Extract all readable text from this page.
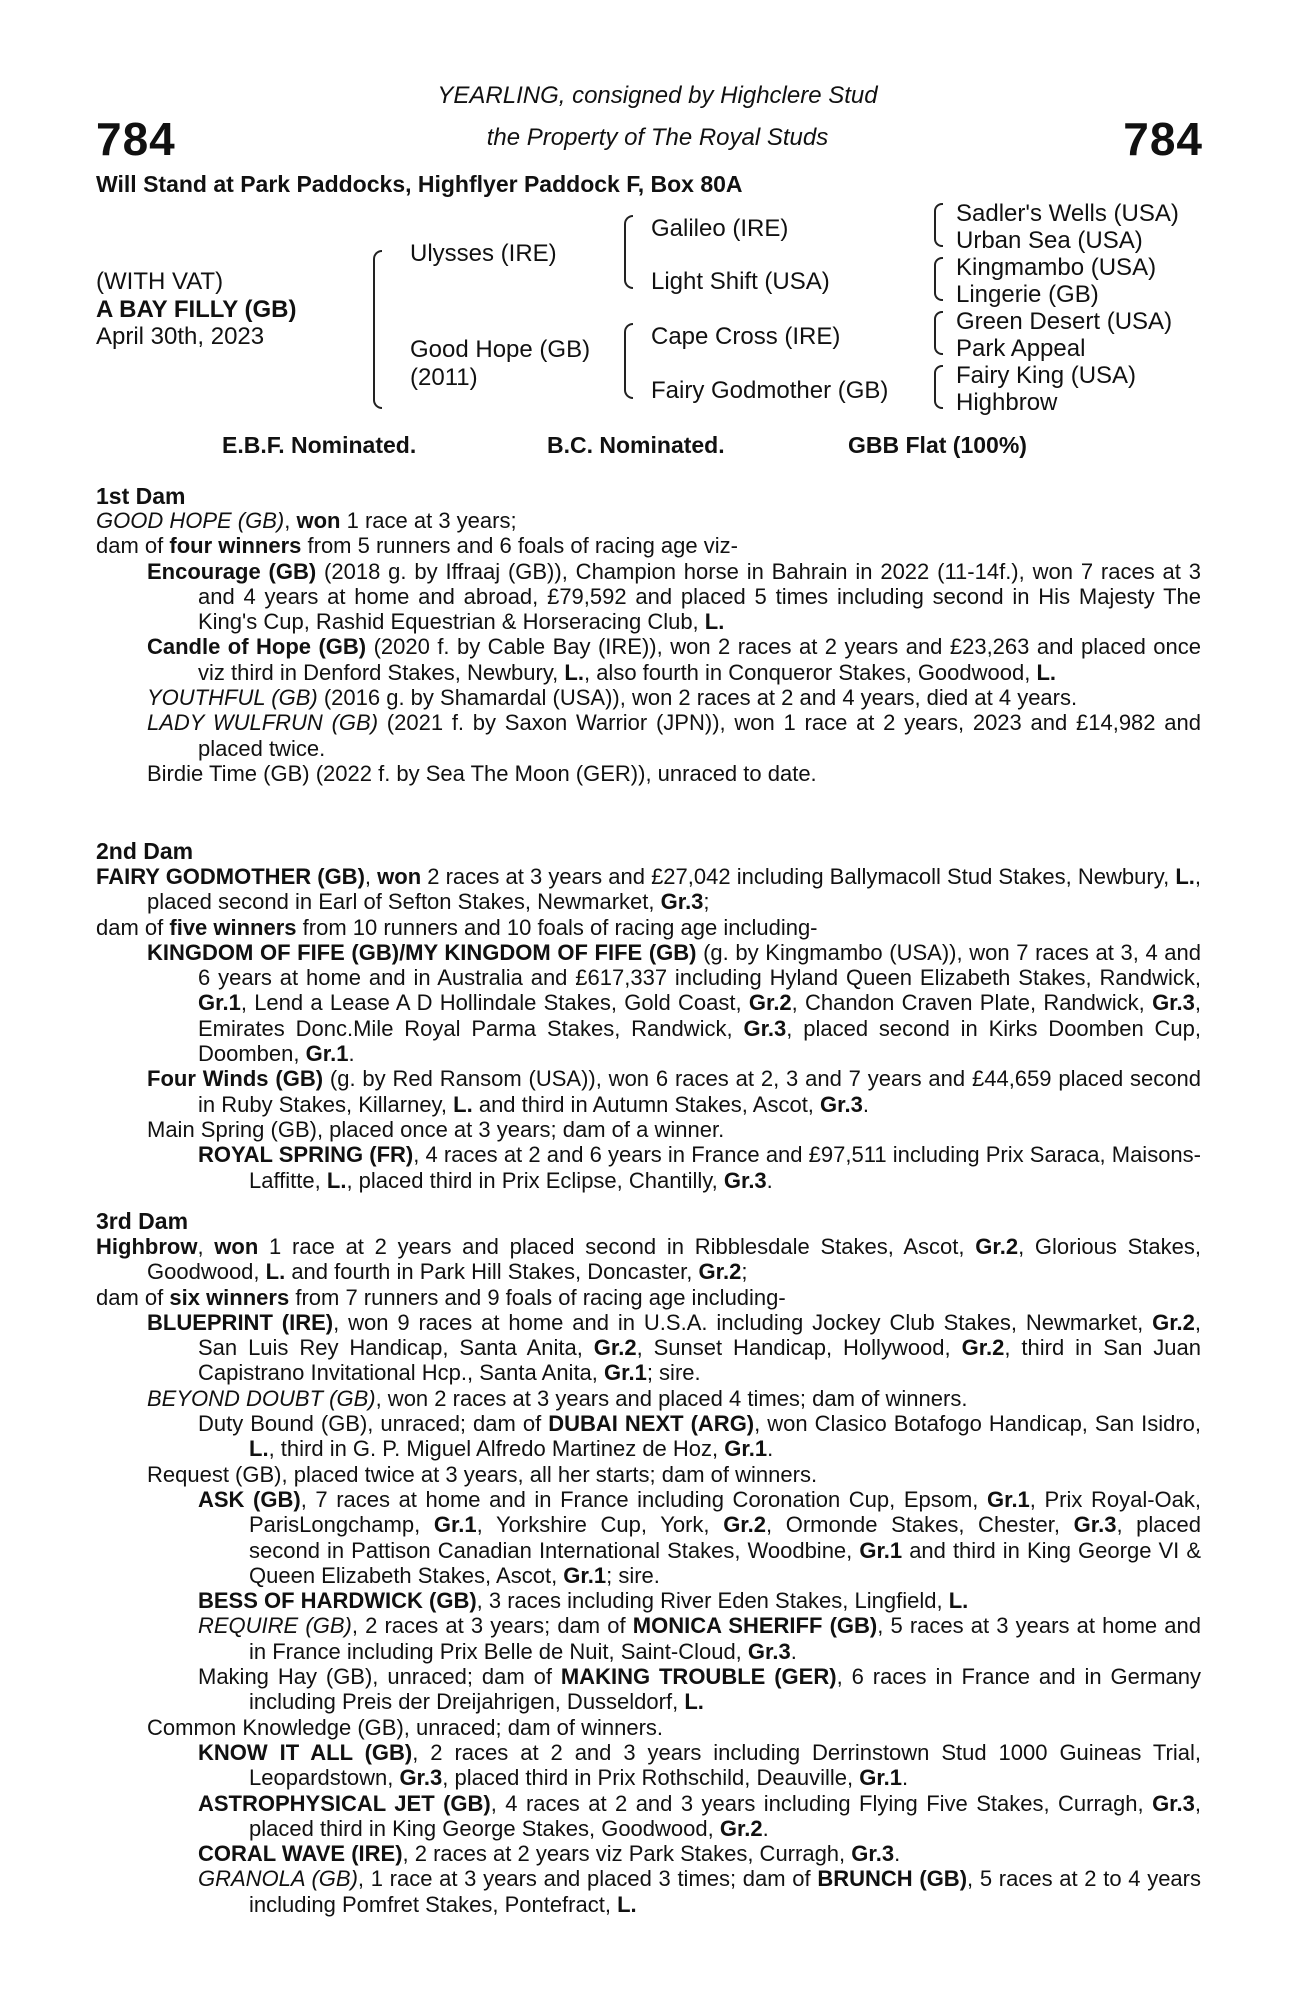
784	784
YEARLING, consigned by Highclere Stud
the Property of The Royal Studs
Will Stand at Park Paddocks, Highflyer Paddock F, Box 80A
(WITH VAT)
A BAY FILLY (GB)
April 30th, 2023
Ulysses (IRE)
Good Hope (GB)
(2011)
Galileo (IRE)
Light Shift (USA)
Cape Cross (IRE)
Fairy Godmother (GB)
Sadler's Wells (USA)
Urban Sea (USA)
Kingmambo (USA)
Lingerie (GB)
Green Desert (USA)
Park Appeal
Fairy King (USA)
Highbrow
E.B.F. Nominated.	B.C. Nominated.	GBB Flat (100%)
1st Dam
GOOD HOPE (GB), won 1 race at 3 years;
dam of four winners from 5 runners and 6 foals of racing age viz-
Encourage (GB) (2018 g. by Iffraaj (GB)), Champion horse in Bahrain in 2022 (11-14f.), won 7 races at 3 and 4 years at home and abroad, £79,592 and placed 5 times including second in His Majesty The King's Cup, Rashid Equestrian & Horseracing Club, L.
Candle of Hope (GB) (2020 f. by Cable Bay (IRE)), won 2 races at 2 years and £23,263 and placed once viz third in Denford Stakes, Newbury, L., also fourth in Conqueror Stakes, Goodwood, L.
YOUTHFUL (GB) (2016 g. by Shamardal (USA)), won 2 races at 2 and 4 years, died at 4 years.
LADY WULFRUN (GB) (2021 f. by Saxon Warrior (JPN)), won 1 race at 2 years, 2023 and £14,982 and placed twice.
Birdie Time (GB) (2022 f. by Sea The Moon (GER)), unraced to date.
2nd Dam
FAIRY GODMOTHER (GB), won 2 races at 3 years and £27,042 including Ballymacoll Stud Stakes, Newbury, L., placed second in Earl of Sefton Stakes, Newmarket, Gr.3;
dam of five winners from 10 runners and 10 foals of racing age including-
KINGDOM OF FIFE (GB)/MY KINGDOM OF FIFE (GB) (g. by Kingmambo (USA)), won 7 races at 3, 4 and 6 years at home and in Australia and £617,337 including Hyland Queen Elizabeth Stakes, Randwick, Gr.1, Lend a Lease A D Hollindale Stakes, Gold Coast, Gr.2, Chandon Craven Plate, Randwick, Gr.3, Emirates Donc.Mile Royal Parma Stakes, Randwick, Gr.3, placed second in Kirks Doomben Cup, Doomben, Gr.1.
Four Winds (GB) (g. by Red Ransom (USA)), won 6 races at 2, 3 and 7 years and £44,659 placed second in Ruby Stakes, Killarney, L. and third in Autumn Stakes, Ascot, Gr.3.
Main Spring (GB), placed once at 3 years; dam of a winner.
ROYAL SPRING (FR), 4 races at 2 and 6 years in France and £97,511 including Prix Saraca, Maisons-Laffitte, L., placed third in Prix Eclipse, Chantilly, Gr.3.
3rd Dam
Highbrow, won 1 race at 2 years and placed second in Ribblesdale Stakes, Ascot, Gr.2, Glorious Stakes, Goodwood, L. and fourth in Park Hill Stakes, Doncaster, Gr.2;
dam of six winners from 7 runners and 9 foals of racing age including-
BLUEPRINT (IRE), won 9 races at home and in U.S.A. including Jockey Club Stakes, Newmarket, Gr.2, San Luis Rey Handicap, Santa Anita, Gr.2, Sunset Handicap, Hollywood, Gr.2, third in San Juan Capistrano Invitational Hcp., Santa Anita, Gr.1; sire.
BEYOND DOUBT (GB), won 2 races at 3 years and placed 4 times; dam of winners.
Duty Bound (GB), unraced; dam of DUBAI NEXT (ARG), won Clasico Botafogo Handicap, San Isidro, L., third in G. P. Miguel Alfredo Martinez de Hoz, Gr.1.
Request (GB), placed twice at 3 years, all her starts; dam of winners.
ASK (GB), 7 races at home and in France including Coronation Cup, Epsom, Gr.1, Prix Royal-Oak, ParisLongchamp, Gr.1, Yorkshire Cup, York, Gr.2, Ormonde Stakes, Chester, Gr.3, placed second in Pattison Canadian International Stakes, Woodbine, Gr.1 and third in King George VI & Queen Elizabeth Stakes, Ascot, Gr.1; sire.
BESS OF HARDWICK (GB), 3 races including River Eden Stakes, Lingfield, L.
REQUIRE (GB), 2 races at 3 years; dam of MONICA SHERIFF (GB), 5 races at 3 years at home and in France including Prix Belle de Nuit, Saint-Cloud, Gr.3.
Making Hay (GB), unraced; dam of MAKING TROUBLE (GER), 6 races in France and in Germany including Preis der Dreijahrigen, Dusseldorf, L.
Common Knowledge (GB), unraced; dam of winners.
KNOW IT ALL (GB), 2 races at 2 and 3 years including Derrinstown Stud 1000 Guineas Trial, Leopardstown, Gr.3, placed third in Prix Rothschild, Deauville, Gr.1.
ASTROPHYSICAL JET (GB), 4 races at 2 and 3 years including Flying Five Stakes, Curragh, Gr.3, placed third in King George Stakes, Goodwood, Gr.2.
CORAL WAVE (IRE), 2 races at 2 years viz Park Stakes, Curragh, Gr.3.
GRANOLA (GB), 1 race at 3 years and placed 3 times; dam of BRUNCH (GB), 5 races at 2 to 4 years including Pomfret Stakes, Pontefract, L.
